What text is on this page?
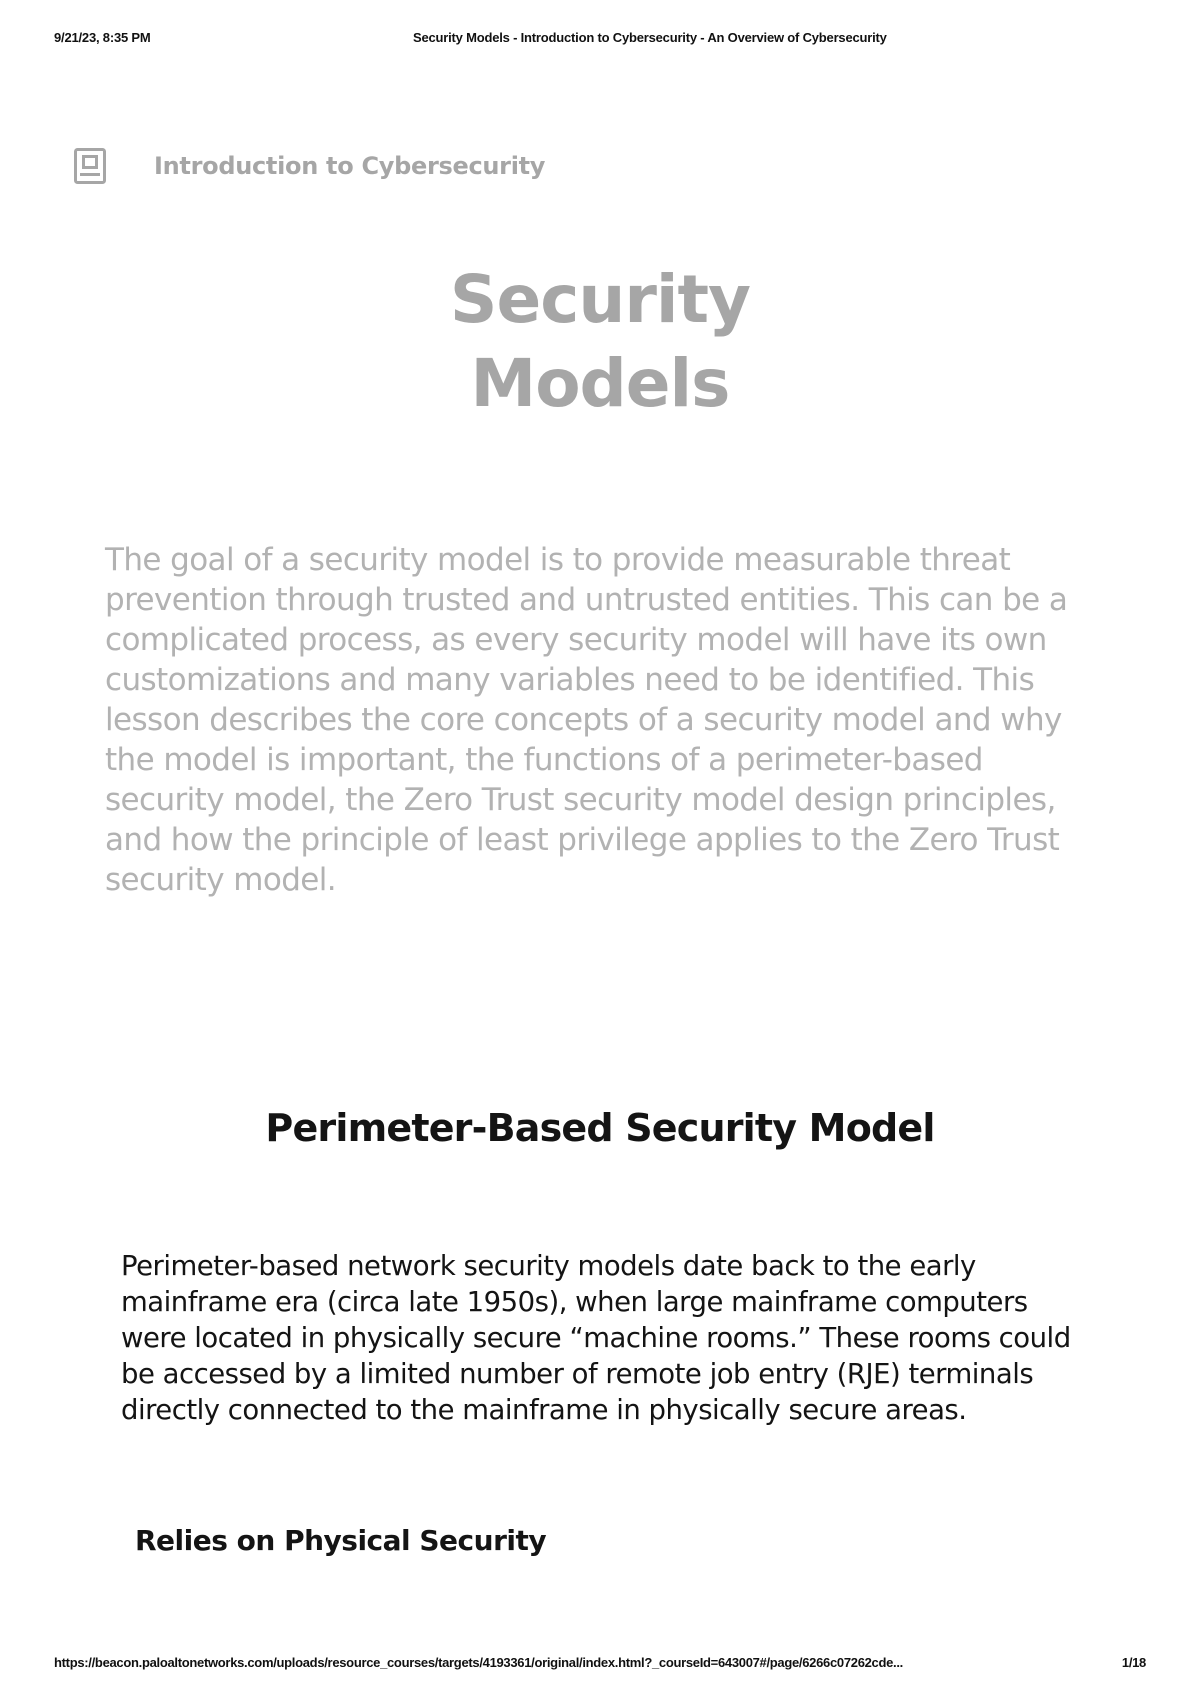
9/21/23, 8:35 PM	Security Models - Introduction to Cybersecurity - An Overview of Cybersecurity
Introduction to Cybersecurity
Security
Models

The goal of a security model is to provide measurable threat prevention through trusted and untrusted entities. This can be a complicated process, as every security model will have its own customizations and many variables need to be identified. This lesson describes the core concepts of a security model and why the model is important, the functions of a perimeter-based security model, the Zero Trust security model design principles, and how the principle of least privilege applies to the Zero Trust security model.

Perimeter-Based Security Model

Perimeter-based network security models date back to the early mainframe era (circa late 1950s), when large mainframe computers were located in physically secure “machine rooms.” These rooms could be accessed by a limited number of remote job entry (RJE) terminals directly connected to the mainframe in physically secure areas.

Relies on Physical Security
https://beacon.paloaltonetworks.com/uploads/resource_courses/targets/4193361/original/index.html?_courseId=643007#/page/6266c07262cde...	1/18
